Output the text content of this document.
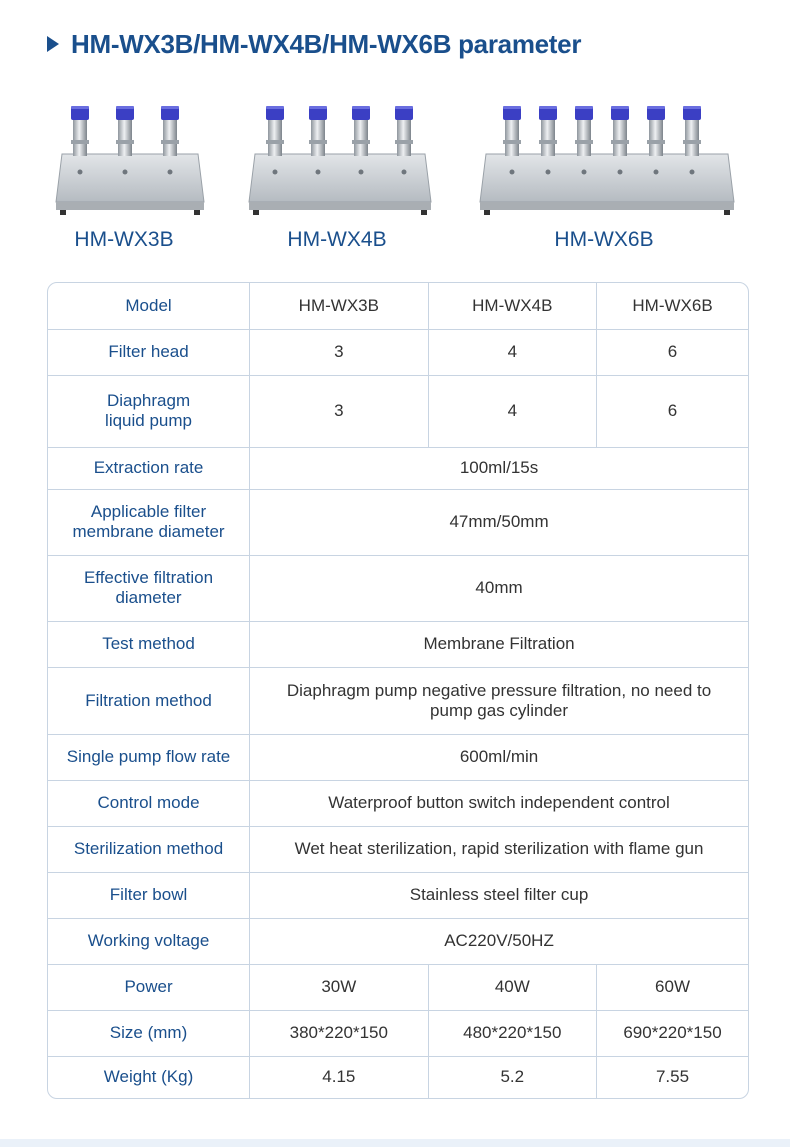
HM-WX3B/HM-WX4B/HM-WX6B parameter
HM-WX3B	HM-WX4B	HM-WX6B
Model	HM-WX3B	HM-WX4B	HM-WX6B
Filter head	3	4	6
Diaphragm
liquid pump	3	4	6
Extraction rate	100ml/15s		
Applicable filter
membrane diameter	47mm/50mm		
Effective filtration
diameter	40mm		
Test method	Membrane Filtration		
Filtration method	Diaphragm pump negative pressure filtration, no need to
pump gas cylinder		
Single pump flow rate	600ml/min		
Control mode	Waterproof button switch independent control		
Sterilization method	Wet heat sterilization, rapid sterilization with flame gun		
Filter bowl	Stainless steel filter cup		
Working voltage	AC220V/50HZ		
Power	30W	40W	60W
Size (mm)	380*220*150	480*220*150	690*220*150
Weight (Kg)	4.15	5.2	7.55
